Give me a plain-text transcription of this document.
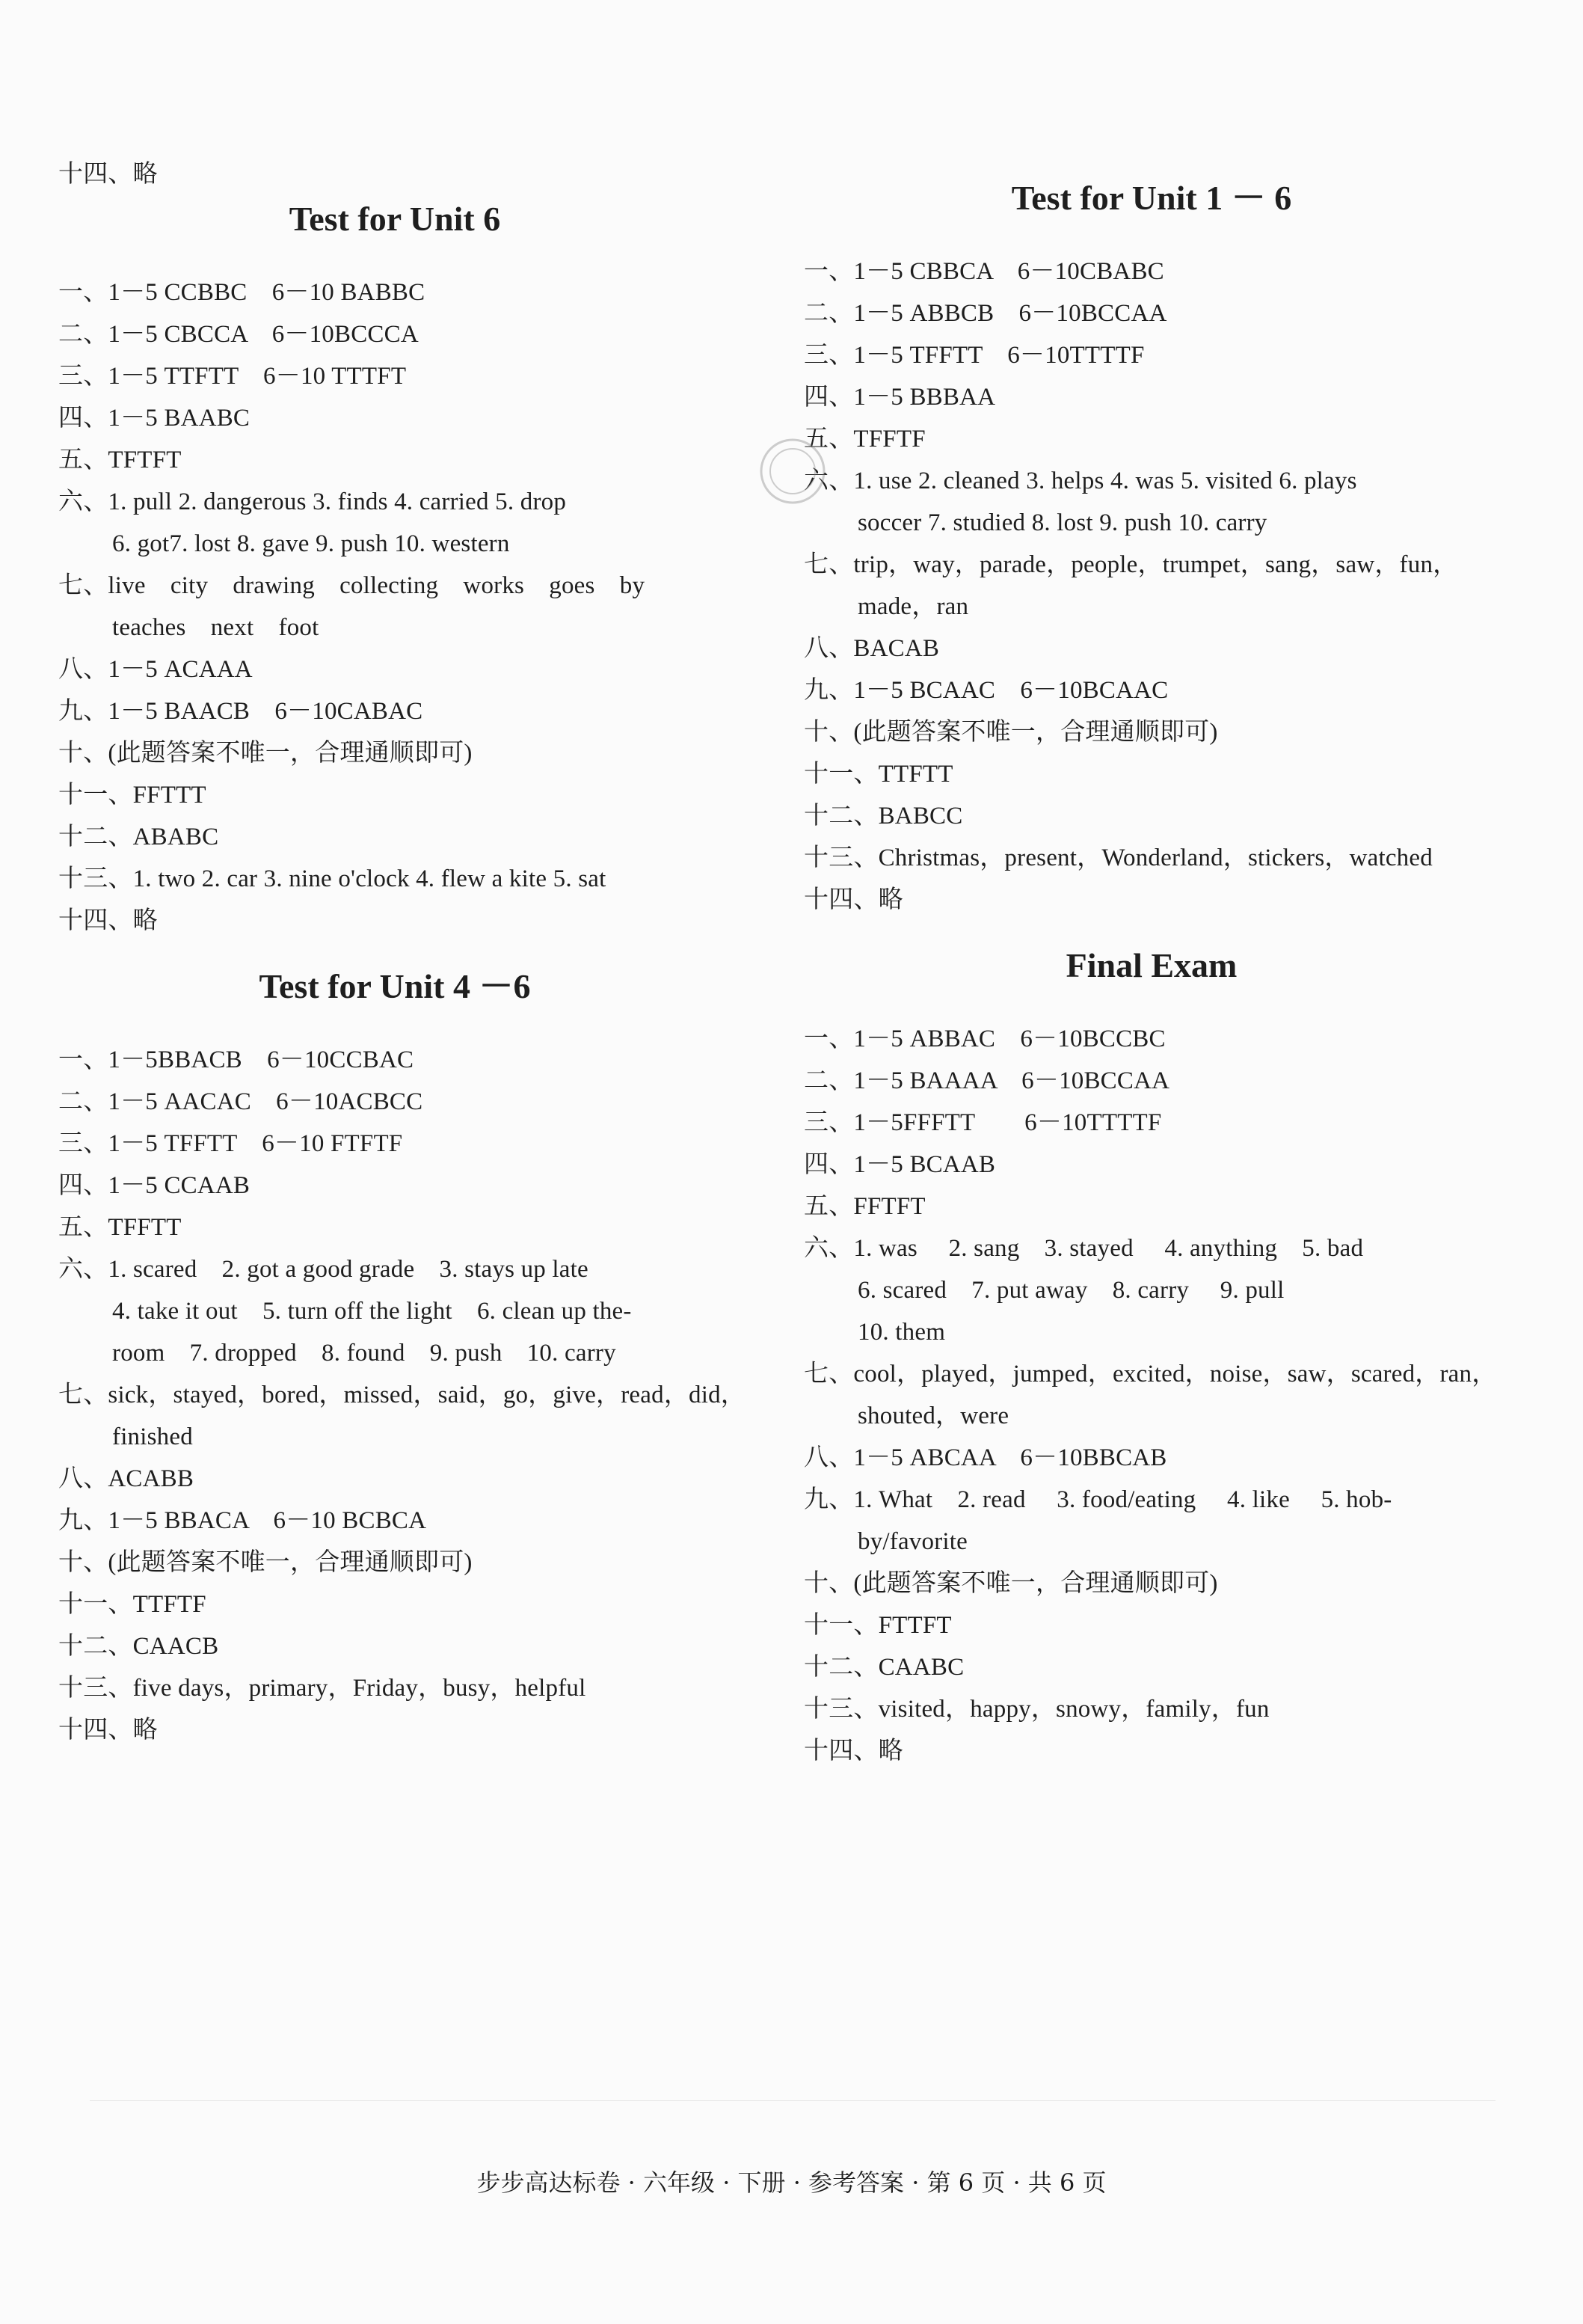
十四、略
Test for Unit 6
一、1－5 CCBBC　6－10 BABBC
二、1－5 CBCCA　6－10BCCCA
三、1－5 TTFTT　6－10 TTTFT
四、1－5 BAABC
五、TFTFT
六、1. pull 2. dangerous 3. finds 4. carried 5. drop
6. got7. lost 8. gave 9. push 10. western
七、live　city　drawing　collecting　works　goes　by
teaches　next　foot
八、1－5 ACAAA
九、1－5 BAACB　6－10CABAC
十、(此题答案不唯一，合理通顺即可)
十一、FFTTT
十二、ABABC
十三、1. two 2. car 3. nine o'clock 4. flew a kite 5. sat
十四、略
Test for Unit 4 －6
一、1－5BBACB　6－10CCBAC
二、1－5 AACAC　6－10ACBCC
三、1－5 TFFTT　6－10 FTFTF
四、1－5 CCAAB
五、TFFTT
六、1. scared　2. got a good grade　3. stays up late
4. take it out　5. turn off the light　6. clean up the-
room　7. dropped　8. found　9. push　10. carry
七、sick，stayed，bored，missed，said，go，give，read，did，
finished
八、ACABB
九、1－5 BBACA　6－10 BCBCA
十、(此题答案不唯一，合理通顺即可)
十一、TTFTF
十二、CAACB
十三、five days，primary，Friday，busy，helpful
十四、略
Test for Unit 1 － 6
一、1－5 CBBCA　6－10CBABC
二、1－5 ABBCB　6－10BCCAA
三、1－5 TFFTT　6－10TTTTF
四、1－5 BBBAA
五、TFFTF
六、1. use 2. cleaned 3. helps 4. was 5. visited 6. plays
soccer 7. studied 8. lost 9. push 10. carry
七、trip，way，parade，people，trumpet，sang，saw，fun，
made，ran
八、BACAB
九、1－5 BCAAC　6－10BCAAC
十、(此题答案不唯一，合理通顺即可)
十一、TTFTT
十二、BABCC
十三、Christmas，present，Wonderland，stickers，watched
十四、略
Final Exam
一、1－5 ABBAC　6－10BCCBC
二、1－5 BAAAA　6－10BCCAA
三、1－5FFFTT　　6－10TTTTF
四、1－5 BCAAB
五、FFTFT
六、1. was　 2. sang　3. stayed　 4. anything　5. bad
6. scared　7. put away　8. carry　 9. pull
10. them
七、cool，played，jumped，excited，noise，saw，scared，ran，
shouted，were
八、1－5 ABCAA　6－10BBCAB
九、1. What　2. read　 3. food/eating　 4. like　 5. hob-
by/favorite
十、(此题答案不唯一，合理通顺即可)
十一、FTTFT
十二、CAABC
十三、visited，happy，snowy，family，fun
十四、略
步步高达标卷 · 六年级 · 下册 · 参考答案 · 第 6 页 · 共 6 页
